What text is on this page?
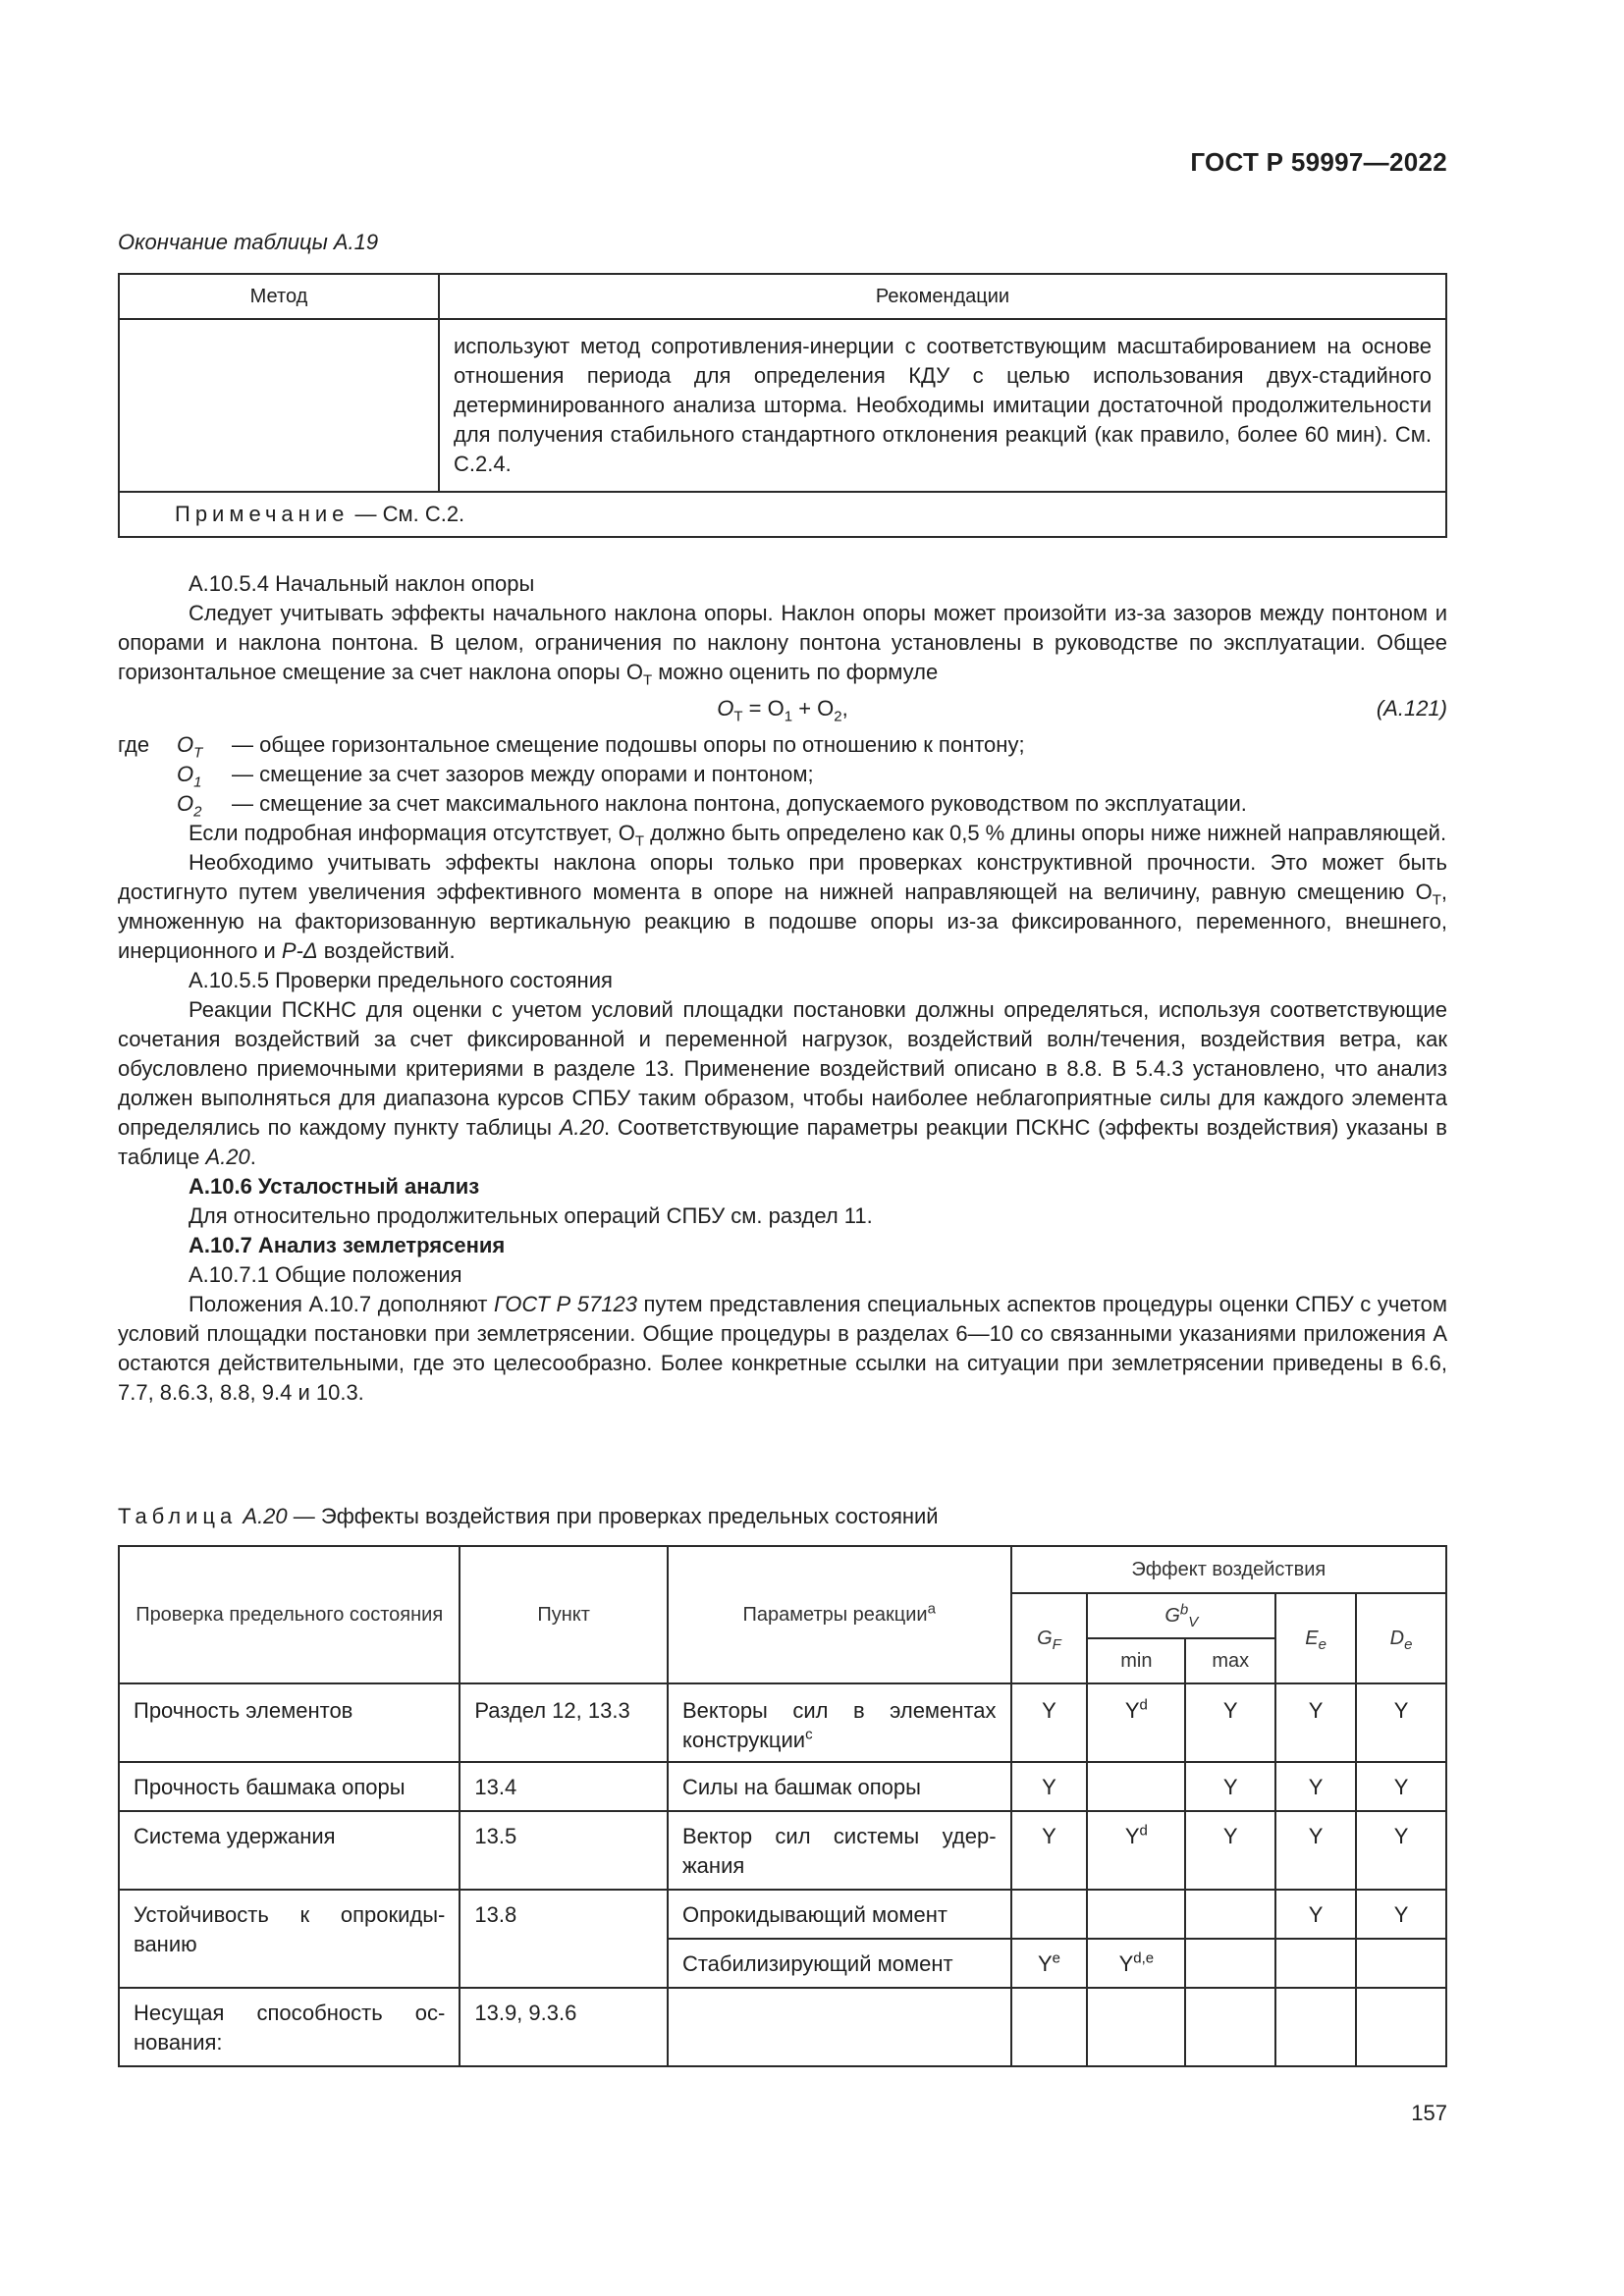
ГОСТ Р 59997—2022
Окончание таблицы А.19
Метод	Рекомендации
	используют метод сопротивления-инерции с соответствующим масштабированием на основе отношения периода для определения КДУ с целью использования двух-стадийного детерминированного анализа шторма. Необходимы имитации достаточной продолжительности для получения стабильного стандартного отклонения реакций (как правило, более 60 мин). См. C.2.4.
Примечание — См. C.2.	

А.10.5.4 Начальный наклон опоры

Следует учитывать эффекты начального наклона опоры. Наклон опоры может произойти из-за зазоров между понтоном и опорами и наклона понтона. В целом, ограничения по наклону понтона установлены в руководстве по эксплуатации. Общее горизонтальное смещение за счет наклона опоры $O_T$ можно оценить по формуле

$O_T = O_1 + O_2$,	(А.121)
где	$O_T$	— общее горизонтальное смещение подошвы опоры по отношению к понтону;
$O_1$	— смещение за счет зазоров между опорами и понтоном;
$O_2$	— смещение за счет максимального наклона понтона, допускаемого руководством по эксплуатации.

Если подробная информация отсутствует, $O_T$ должно быть определено как 0,5 % длины опоры ниже нижней направляющей.

Необходимо учитывать эффекты наклона опоры только при проверках конструктивной прочности. Это может быть достигнуто путем увеличения эффективного момента в опоре на нижней направляющей на величину, равную смещению $O_T$, умноженную на факторизованную вертикальную реакцию в подошве опоры из-за фиксированного, переменного, внешнего, инерционного и P-Δ воздействий.

А.10.5.5 Проверки предельного состояния

Реакции ПСКНС для оценки с учетом условий площадки постановки должны определяться, используя соответствующие сочетания воздействий за счет фиксированной и переменной нагрузок, воздействий волн/течения, воздействия ветра, как обусловлено приемочными критериями в разделе 13. Применение воздействий описано в 8.8. В 5.4.3 установлено, что анализ должен выполняться для диапазона курсов СПБУ таким образом, чтобы наиболее неблагоприятные силы для каждого элемента определялись по каждому пункту таблицы А.20. Соответствующие параметры реакции ПСКНС (эффекты воздействия) указаны в таблице А.20.

А.10.6 Усталостный анализ

Для относительно продолжительных операций СПБУ см. раздел 11.

А.10.7 Анализ землетрясения

А.10.7.1 Общие положения

Положения А.10.7 дополняют ГОСТ Р 57123 путем представления специальных аспектов процедуры оценки СПБУ с учетом условий площадки постановки при землетрясении. Общие процедуры в разделах 6—10 со связанными указаниями приложения А остаются действительными, где это целесообразно. Более конкретные ссылки на ситуации при землетрясении приведены в 6.6, 7.7, 8.6.3, 8.8, 9.4 и 10.3.

Таблица А.20 — Эффекты воздействия при проверках предельных состояний
Проверка предельного состояния	Пункт	Параметры реакции$^a$	Эффект воздействия				
			$G_F$	$G^b_V$		$E_e$	$D_e$
				min	max		
Прочность элементов	Раздел 12, 13.3	Векторы сил в элементах конструкции$^c$	Y	$Y^d$	Y	Y	Y
Прочность башмака опоры	13.4	Силы на башмак опоры	Y		Y	Y	Y
Система удержания	13.5	Вектор сил системы удержания	Y	$Y^d$	Y	Y	Y
Устойчивость к опрокидыванию	13.8	Опрокидывающий момент				Y	Y
		Стабилизирующий момент	$Y^e$	Y$^{d,e}$			
Несущая способность основания:	13.9, 9.3.6						
157
